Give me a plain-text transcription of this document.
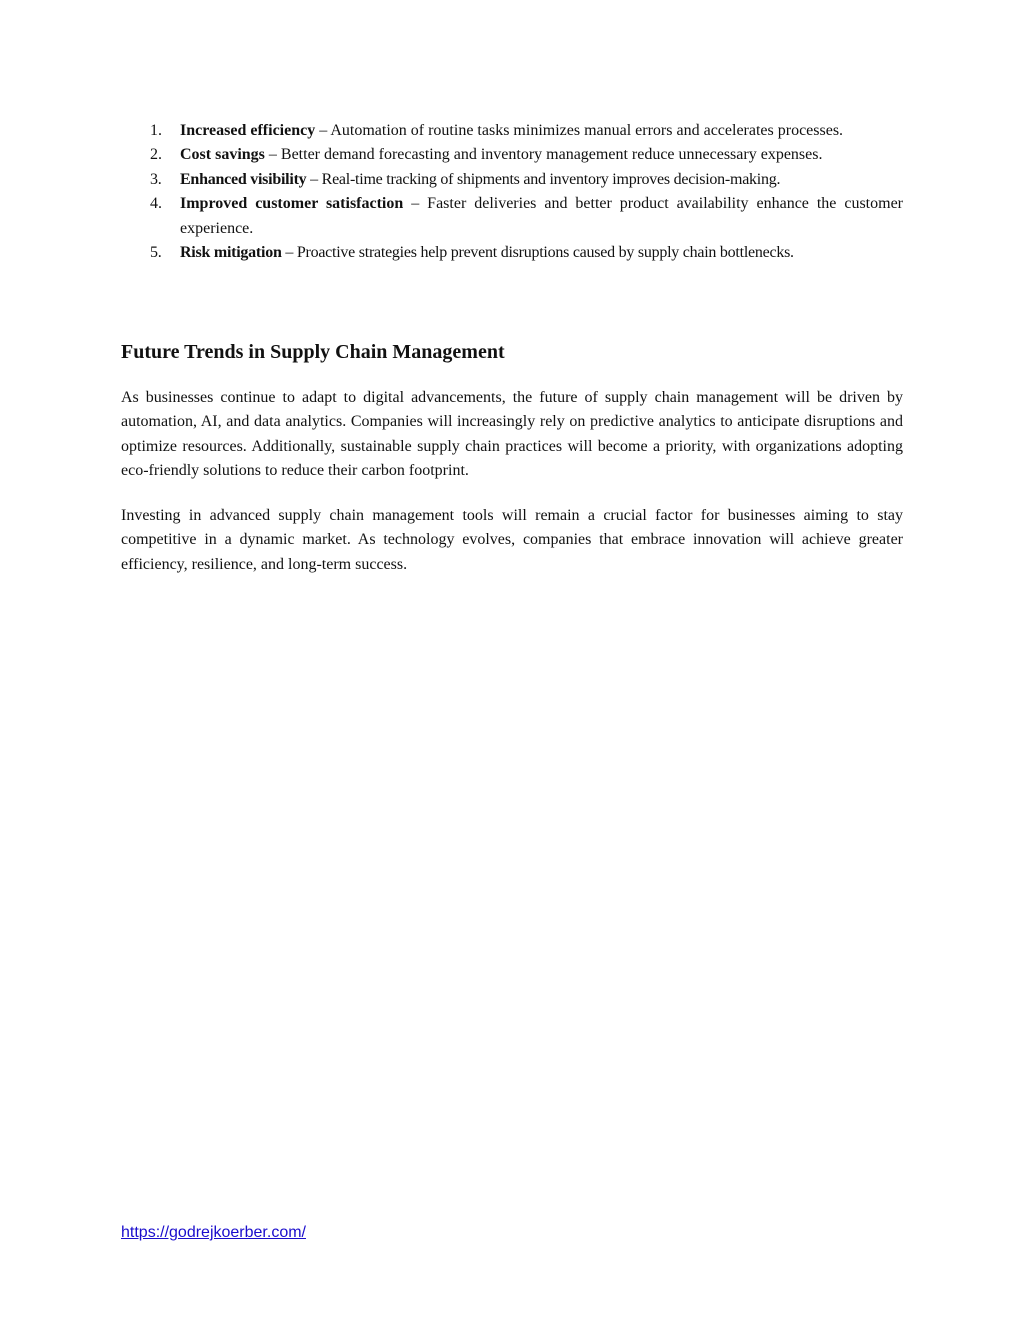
1. Increased efficiency – Automation of routine tasks minimizes manual errors and accelerates processes.
2. Cost savings – Better demand forecasting and inventory management reduce unnecessary expenses.
3. Enhanced visibility – Real-time tracking of shipments and inventory improves decision-making.
4. Improved customer satisfaction – Faster deliveries and better product availability enhance the customer experience.
5. Risk mitigation – Proactive strategies help prevent disruptions caused by supply chain bottlenecks.
Future Trends in Supply Chain Management

As businesses continue to adapt to digital advancements, the future of supply chain management will be driven by automation, AI, and data analytics. Companies will increasingly rely on predictive analytics to anticipate disruptions and optimize resources. Additionally, sustainable supply chain practices will become a priority, with organizations adopting eco-friendly solutions to reduce their carbon footprint.

Investing in advanced supply chain management tools will remain a crucial factor for businesses aiming to stay competitive in a dynamic market. As technology evolves, companies that embrace innovation will achieve greater efficiency, resilience, and long-term success.

https://godrejkoerber.com/
